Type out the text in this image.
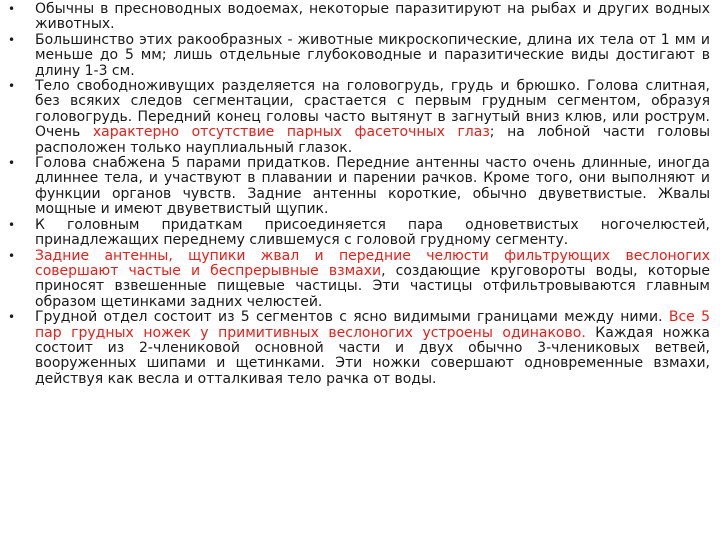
•	Обычны в пресноводных водоемах, некоторые паразитируют на рыбах и других водных животных.
•	Большинство этих ракообразных - животные микроскопические, длина их тела от 1 мм и меньше до 5 мм; лишь отдельные глубоководные и паразитические виды достигают в длину 1-3 см.
•	Тело свободноживущих разделяется на головогрудь, грудь и брюшко. Голова слитная, без всяких следов сегментации, срастается с первым грудным сегментом, образуя головогрудь. Передний конец головы часто вытянут в загнутый вниз клюв, или рострум. Очень характерно отсутствие парных фасеточных глаз; на лобной части головы расположен только науплиальный глазок.
•	Голова снабжена 5 парами придатков. Передние антенны часто очень длинные, иногда длиннее тела, и участвуют в плавании и парении рачков. Кроме того, они выполняют и функции органов чувств. Задние антенны короткие, обычно двуветвистые. Жвалы мощные и имеют двуветвистый щупик.
•	К головным придаткам присоединяется пара одноветвистых ногочелюстей, принадлежащих переднему слившемуся с головой грудному сегменту.
•	Задние антенны, щупики жвал и передние челюсти фильтрующих веслоногих совершают частые и беспрерывные взмахи, создающие круговороты воды, которые приносят взвешенные пищевые частицы. Эти частицы отфильтровываются главным образом щетинками задних челюстей.
•	Грудной отдел состоит из 5 сегментов с ясно видимыми границами между ними. Все 5 пар грудных ножек у примитивных веслоногих устроены одинаково. Каждая ножка состоит из 2-члениковой основной части и двух обычно 3-члениковых ветвей, вооруженных шипами и щетинками. Эти ножки совершают одновременные взмахи, действуя как весла и отталкивая тело рачка от воды.
